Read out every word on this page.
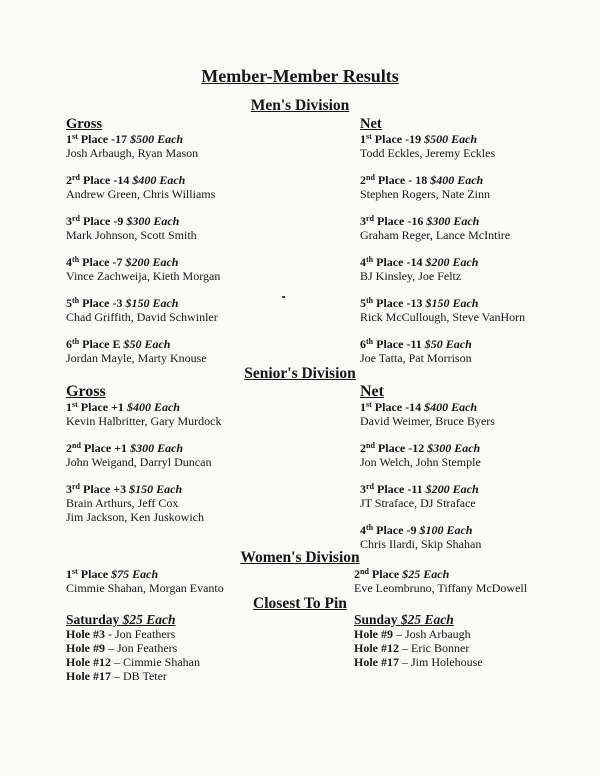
Member-Member Results
Men's Division
Gross
1st Place -17 $500 Each
Josh Arbaugh, Ryan Mason
2rd Place -14 $400 Each
Andrew Green, Chris Williams
3rd Place -9 $300 Each
Mark Johnson, Scott Smith
4th Place -7 $200 Each
Vince Zachweija, Kieth Morgan
5th Place -3 $150 Each
Chad Griffith, David Schwinler
6th Place E $50 Each
Jordan Mayle, Marty Knouse
Net
1st Place -19 $500 Each
Todd Eckles, Jeremy Eckles
2nd Place - 18 $400 Each
Stephen Rogers, Nate Zinn
3rd Place -16 $300 Each
Graham Reger, Lance McIntire
4th Place -14 $200 Each
BJ Kinsley, Joe Feltz
5th Place -13 $150 Each
Rick McCullough, Steve VanHorn
6th Place -11 $50 Each
Joe Tatta, Pat Morrison
Senior's Division
Gross
1st Place +1 $400 Each
Kevin Halbritter, Gary Murdock
2nd Place +1 $300 Each
John Weigand, Darryl Duncan
3rd Place +3 $150 Each
Brain Arthurs, Jeff Cox
Jim Jackson, Ken Juskowich
Net
1st Place -14 $400 Each
David Weimer, Bruce Byers
2nd Place -12 $300 Each
Jon Welch, John Stemple
3rd Place -11 $200 Each
JT Straface, DJ Straface
4th Place -9 $100 Each
Chris Ilardi, Skip Shahan
Women's Division
1st Place $75 Each
Cimmie Shahan, Morgan Evanto
2nd Place $25 Each
Eve Leombruno, Tiffany McDowell
Closest To Pin
Saturday $25 Each
Hole #3 - Jon Feathers
Hole #9 – Jon Feathers
Hole #12 – Cimmie Shahan
Hole #17 – DB Teter
Sunday $25 Each
Hole #9 – Josh Arbaugh
Hole #12 – Eric Bonner
Hole #17 – Jim Holehouse
